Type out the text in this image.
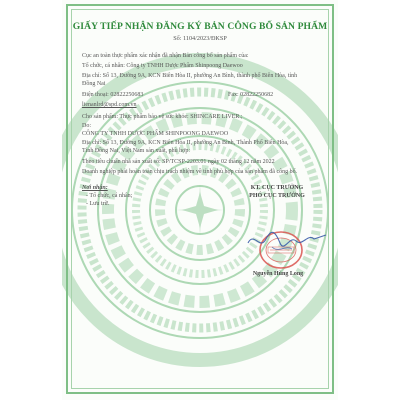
GIẤY TIẾP NHẬN ĐĂNG KÝ BẢN CÔNG BỐ SẢN PHẨM
Số: 1104/2023/ĐKSP
Cục an toàn thực phẩm xác nhận đã nhận Bản công bố sản phẩm của:
Tổ chức, cá nhân: Công ty TNHH Dược Phẩm Shinpoong Daewoo
Địa chỉ: Số 13, Đường 9A, KCN Biên Hòa II, phường An Bình, thành phố Biên Hòa, tỉnh
Đồng Nai
Điện thoại: 02822250683	Fax: 02822250682
lienanlrd@spd.com.vn
Cho sản phẩm: Thực phẩm bảo vệ sức khỏe: SHINCARE LIVER.;
Do:
CÔNG TY TNHH DƯỢC PHẨM SHINPOONG DAEWOO
Địa chỉ: Số 13, Đường 9A, KCN Biên Hòa II, phường An Bình, Thành Phố Biên Hòa,
Tỉnh Đồng Nai, Việt Nam sản xuất, phù hợp:
Theo tiêu chuẩn nhà sản xuất số: SP/TCSP-2203.01 ngày 02 tháng 12 năm 2022
Doanh nghiệp phải hoàn toàn chịu trách nhiệm về tính phù hợp của sản phẩm đã công bố.
Nơi nhận:
- Tổ chức, cá nhân;
- Lưu trữ.
KT. CỤC TRƯỞNG
PHÓ CỤC TRƯỞNG
Nguyễn Hùng Long
